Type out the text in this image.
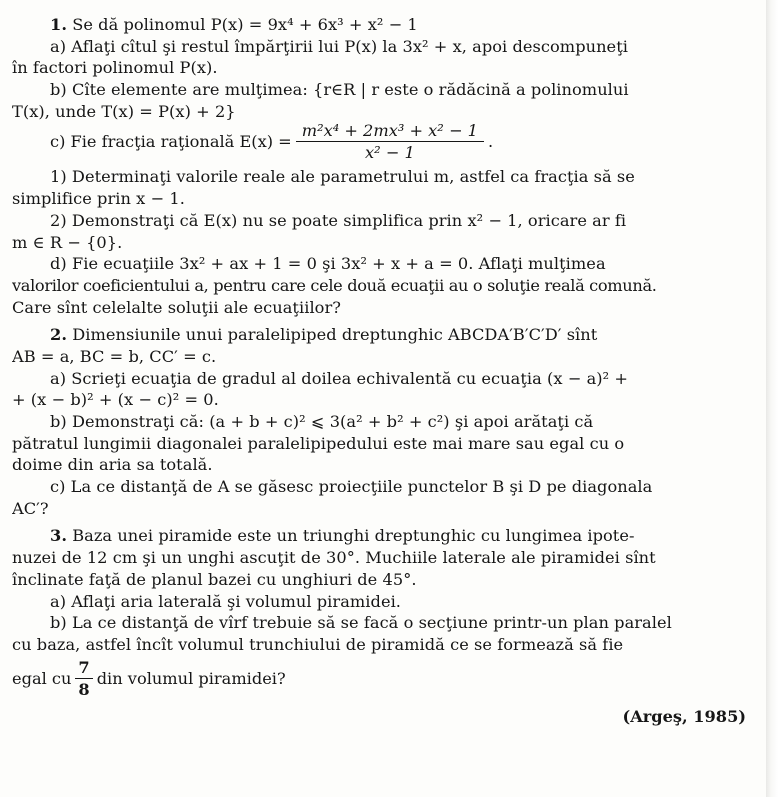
1. Se dă polinomul P(x) = 9x⁴ + 6x³ + x² − 1
a) Aflaţi cîtul şi restul împărţirii lui P(x) la 3x² + x, apoi descompuneţi
în factori polinomul P(x).
b) Cîte elemente are mulţimea: {r∈R | r este o rădăcină a polinomului
T(x), unde T(x) = P(x) + 2}
c) Fie fracţia raţională $E(x) = \frac{\text{m²x⁴ + 2mx³ + x² − 1}}{\text{x² − 1}}$ .
1) Determinaţi valorile reale ale parametrului m, astfel ca fracţia să se
simplifice prin x − 1.
2) Demonstraţi că E(x) nu se poate simplifica prin x² − 1, oricare ar fi
m ∈ R − {0}.
d) Fie ecuaţiile 3x² + ax + 1 = 0 şi 3x² + x + a = 0. Aflaţi mulţimea
valorilor coeficientului a, pentru care cele două ecuaţii au o soluţie reală comună.
Care sînt celelalte soluţii ale ecuaţiilor?
2. Dimensiunile unui paralelipiped dreptunghic ABCDA′B′C′D′ sînt
AB = a, BC = b, CC′ = c.
a) Scrieţi ecuaţia de gradul al doilea echivalentă cu ecuaţia (x − a)² +
+ (x − b)² + (x − c)² = 0.
b) Demonstraţi că: (a + b + c)² ⩽ 3(a² + b² + c²) şi apoi arătaţi că
pătratul lungimii diagonalei paralelipipedului este mai mare sau egal cu o
doime din aria sa totală.
c) La ce distanţă de A se găsesc proiecţiile punctelor B şi D pe diagonala
AC′?
3. Baza unei piramide este un triunghi dreptunghic cu lungimea ipote-
nuzei de 12 cm şi un unghi ascuţit de 30°. Muchiile laterale ale piramidei sînt
înclinate faţă de planul bazei cu unghiuri de 45°.
a) Aflaţi aria laterală şi volumul piramidei.
b) La ce distanţă de vîrf trebuie să se facă o secţiune printr-un plan paralel
cu baza, astfel încît volumul trunchiului de piramidă ce se formează să fie
egal cu $\frac{7}{8}$ din volumul piramidei?
(Argeş, 1985)
